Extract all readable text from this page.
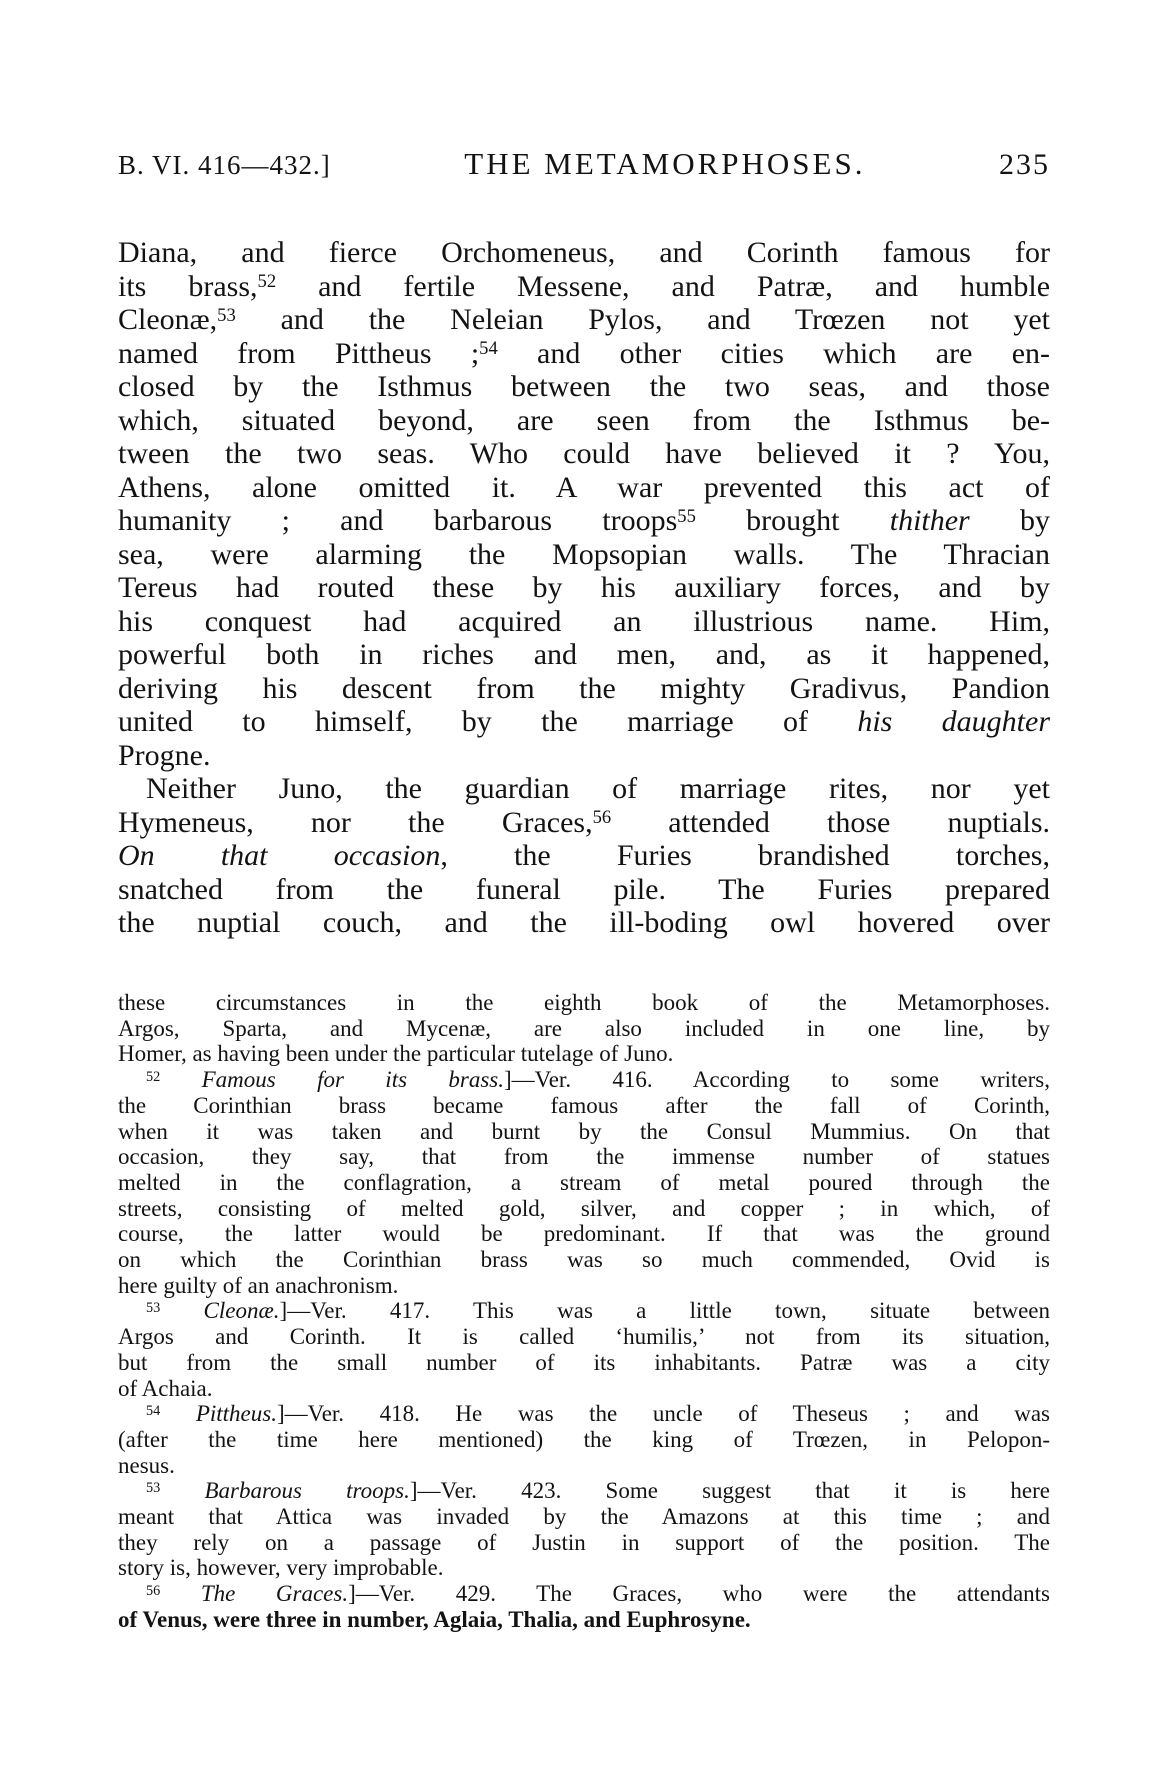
B. VI. 416—432.]	THE METAMORPHOSES.	235
Diana, and fierce Orchomeneus, and Corinth famous for
its brass,$^{52}$ and fertile Messene, and Patræ, and humble
Cleonæ,$^{53}$ and the Neleian Pylos, and Trœzen not yet
named from Pittheus ;$^{54}$ and other cities which are en-
closed by the Isthmus between the two seas, and those
which, situated beyond, are seen from the Isthmus be-
tween the two seas. Who could have believed it ? You,
Athens, alone omitted it. A war prevented this act of
humanity ; and barbarous troops$^{55}$ brought thither by
sea, were alarming the Mopsopian walls. The Thracian
Tereus had routed these by his auxiliary forces, and by
his conquest had acquired an illustrious name. Him,
powerful both in riches and men, and, as it happened,
deriving his descent from the mighty Gradivus, Pandion
united to himself, by the marriage of his daughter
Progne.
Neither Juno, the guardian of marriage rites, nor yet
Hymeneus, nor the Graces,$^{56}$ attended those nuptials.
On that occasion, the Furies brandished torches,
snatched from the funeral pile. The Furies prepared
the nuptial couch, and the ill-boding owl hovered over
these circumstances in the eighth book of the Metamorphoses.
Argos, Sparta, and Mycenæ, are also included in one line, by
Homer, as having been under the particular tutelage of Juno.
$^{52}$ Famous for its brass.]—Ver. 416. According to some writers,
the Corinthian brass became famous after the fall of Corinth,
when it was taken and burnt by the Consul Mummius. On that
occasion, they say, that from the immense number of statues
melted in the conflagration, a stream of metal poured through the
streets, consisting of melted gold, silver, and copper ; in which, of
course, the latter would be predominant. If that was the ground
on which the Corinthian brass was so much commended, Ovid is
here guilty of an anachronism.
$^{53}$ Cleonæ.]—Ver. 417. This was a little town, situate between
Argos and Corinth. It is called ‘humilis,’ not from its situation,
but from the small number of its inhabitants. Patræ was a city
of Achaia.
$^{54}$ Pittheus.]—Ver. 418. He was the uncle of Theseus ; and was
(after the time here mentioned) the king of Trœzen, in Pelopon-
nesus.
$^{53}$ Barbarous troops.]—Ver. 423. Some suggest that it is here
meant that Attica was invaded by the Amazons at this time ; and
they rely on a passage of Justin in support of the position. The
story is, however, very improbable.
$^{56}$ The Graces.]—Ver. 429. The Graces, who were the attendants
of Venus, were three in number, Aglaia, Thalia, and Euphrosyne.
